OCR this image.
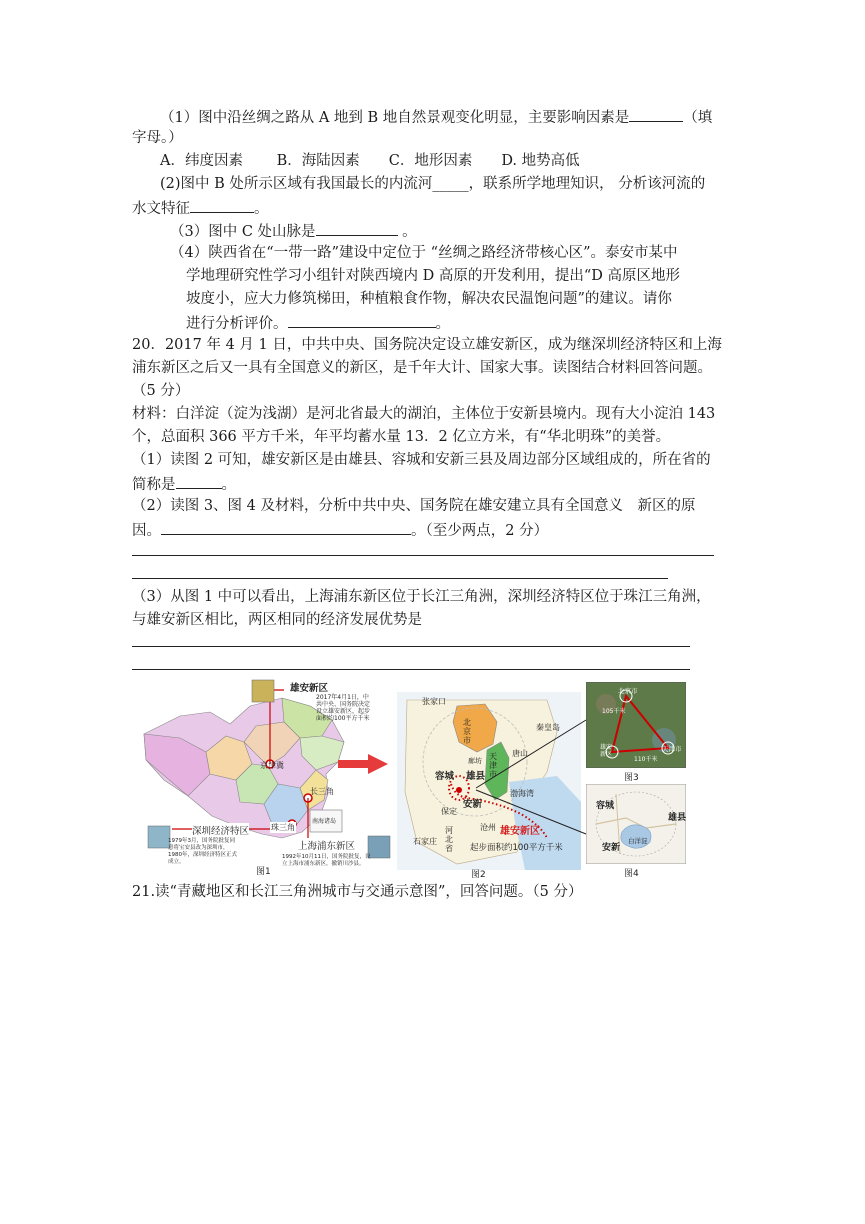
（1）图中沿丝绸之路从 A 地到 B 地自然景观变化明显，主要影响因素是	（填
字母。）
A．纬度因素　　 B．海陆因素　　C．地形因素　　D. 地势高低
(2)图中 B 处所示区域有我国最长的内流河_____，联系所学地理知识， 分析该河流的
水文特征	。
（3）图中 C 处山脉是	。
（4）陕西省在“一带一路”建设中定位于 “丝绸之路经济带核心区”。泰安市某中
学地理研究性学习小组针对陕西境内 D 高原的开发利用，提出“D 高原区地形
坡度小，应大力修筑梯田，种植粮食作物，解决农民温饱问题”的建议。请你
进行分析评价。	。
20．2017 年 4 月 1 日，中共中央、国务院决定设立雄安新区，成为继深圳经济特区和上海
浦东新区之后又一具有全国意义的新区，是千年大计、国家大事。读图结合材料回答问题。
（5 分）
材料：白洋淀（淀为浅湖）是河北省最大的湖泊，主体位于安新县境内。现有大小淀泊 143
个，总面积 366 平方千米，年平均蓄水量 13．2 亿立方米，有“华北明珠”的美誉。
（1）读图 2 可知，雄安新区是由雄县、容城和安新三县及周边部分区域组成的，所在省的
简称是	。
（2）读图 3、图 4 及材料，分析中共中央、国务院在雄安建立具有全国意义　新区的原
因。	。（至少两点，2 分）
（3）从图 1 中可以看出，上海浦东新区位于长江三角洲，深圳经济特区位于珠江三角洲，
与雄安新区相比，两区相同的经济发展优势是
雄安新区
2017年4月1日，中共中央、国务院决定设立雄安新区，起步面积约100平方千米
京津冀
长三角
珠三角
南海诸岛
深圳经济特区
1979年3月，国务院批复同意将宝安县改为深圳市，1980年，深圳经济特区正式成立。
上海浦东新区
1992年10月11日，国务院批复，设立上海市浦东新区，撤销川沙县。
图1
张家口
北京市
天津市
秦皇岛
唐山
廊坊
容城 雄县
安新
保定
渤海湾
沧州
石家庄
河北省
雄安新区
起步面积约100平方千米
图2
北京市
天津市
雄安新区
105千米
110千米
图3
容城
雄县
安新
白洋淀
图4
21.读“青藏地区和长江三角洲城市与交通示意图”，回答问题。（5 分）
